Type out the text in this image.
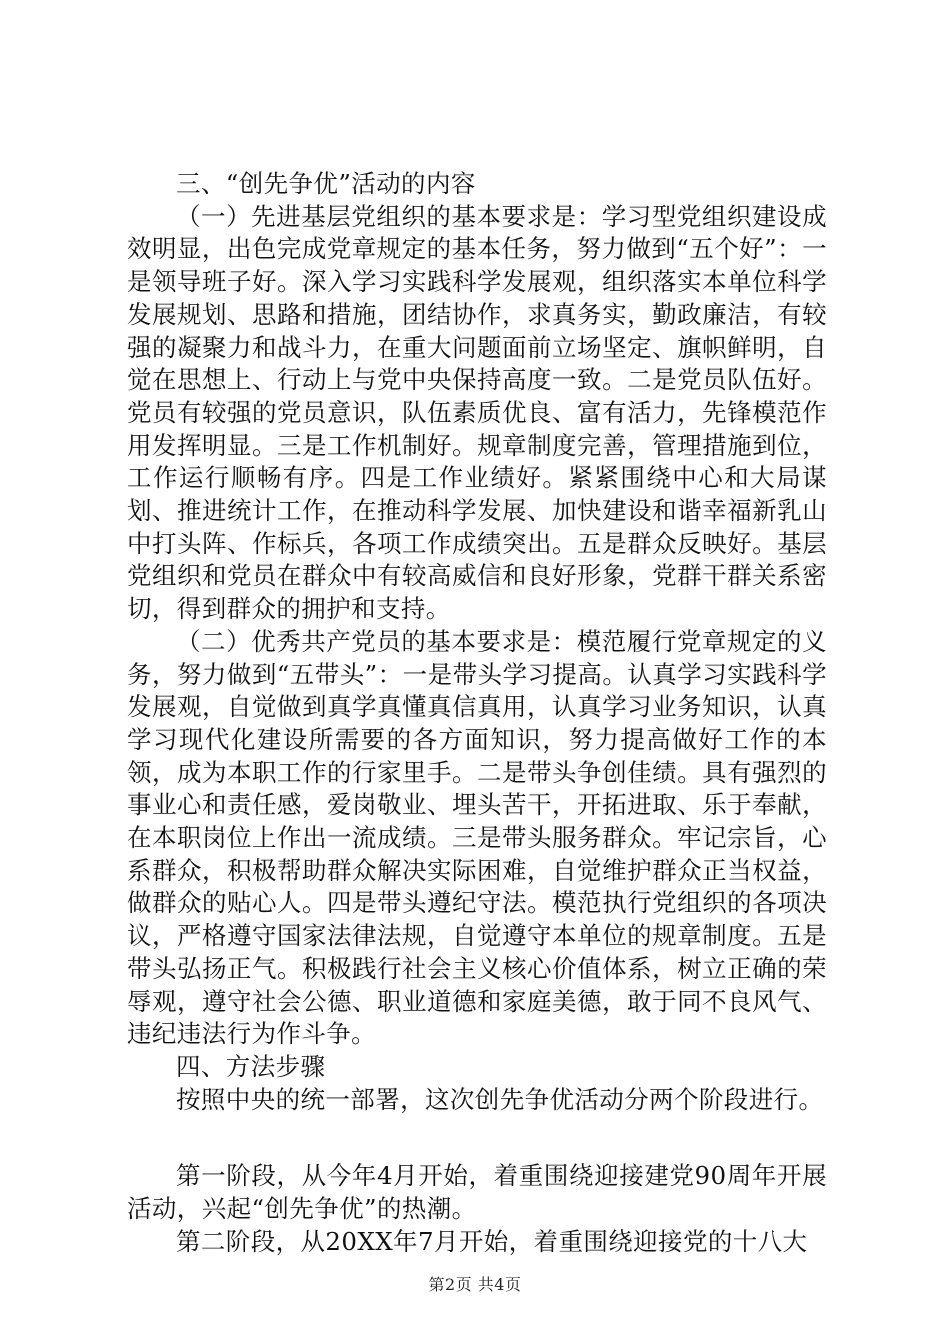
三、“创先争优”活动的内容

（一）先进基层党组织的基本要求是：学习型党组织建设成效明显，出色完成党章规定的基本任务，努力做到“五个好”：一是领导班子好。深入学习实践科学发展观，组织落实本单位科学发展规划、思路和措施，团结协作，求真务实，勤政廉洁，有较强的凝聚力和战斗力，在重大问题面前立场坚定、旗帜鲜明，自觉在思想上、行动上与党中央保持高度一致。二是党员队伍好。党员有较强的党员意识，队伍素质优良、富有活力，先锋模范作用发挥明显。三是工作机制好。规章制度完善，管理措施到位，工作运行顺畅有序。四是工作业绩好。紧紧围绕中心和大局谋划、推进统计工作，在推动科学发展、加快建设和谐幸福新乳山中打头阵、作标兵，各项工作成绩突出。五是群众反映好。基层党组织和党员在群众中有较高威信和良好形象，党群干群关系密切，得到群众的拥护和支持。

（二）优秀共产党员的基本要求是：模范履行党章规定的义务，努力做到“五带头”：一是带头学习提高。认真学习实践科学发展观，自觉做到真学真懂真信真用，认真学习业务知识，认真学习现代化建设所需要的各方面知识，努力提高做好工作的本领，成为本职工作的行家里手。二是带头争创佳绩。具有强烈的事业心和责任感，爱岗敬业、埋头苦干，开拓进取、乐于奉献，在本职岗位上作出一流成绩。三是带头服务群众。牢记宗旨，心系群众，积极帮助群众解决实际困难，自觉维护群众正当权益，做群众的贴心人。四是带头遵纪守法。模范执行党组织的各项决议，严格遵守国家法律法规，自觉遵守本单位的规章制度。五是带头弘扬正气。积极践行社会主义核心价值体系，树立正确的荣辱观，遵守社会公德、职业道德和家庭美德，敢于同不良风气、违纪违法行为作斗争。

四、方法步骤

按照中央的统一部署，这次创先争优活动分两个阶段进行。

第一阶段，从今年4月开始，着重围绕迎接建党90周年开展活动，兴起“创先争优”的热潮。

第二阶段，从20XX年7月开始，着重围绕迎接党的十八大

第2页 共4页
